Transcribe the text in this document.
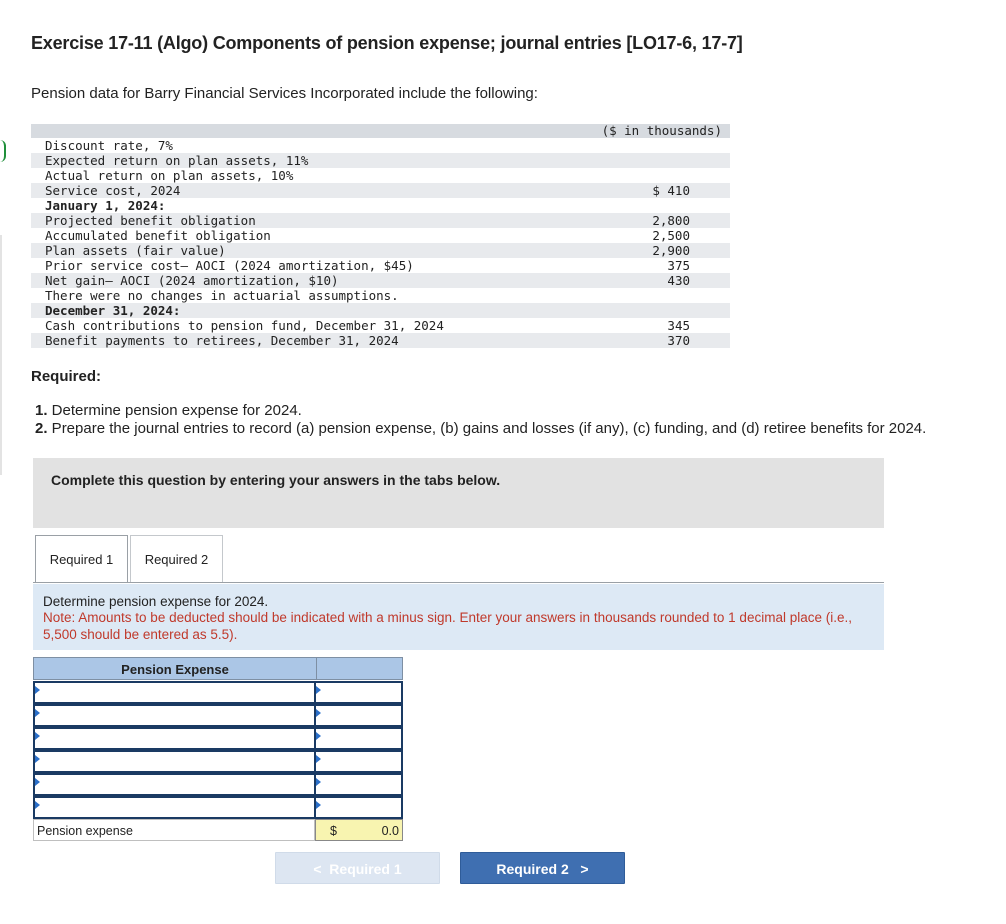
Exercise 17-11 (Algo) Components of pension expense; journal entries [LO17-6, 17-7]
Pension data for Barry Financial Services Incorporated include the following:
($ in thousands)
Discount rate, 7%
Expected return on plan assets, 11%
Actual return on plan assets, 10%
Service cost, 2024	$ 410
January 1, 2024:
Projected benefit obligation	2,800
Accumulated benefit obligation	2,500
Plan assets (fair value)	2,900
Prior service cost– AOCI (2024 amortization, $45)	375
Net gain– AOCI (2024 amortization, $10)	430
There were no changes in actuarial assumptions.
December 31, 2024:
Cash contributions to pension fund, December 31, 2024	345
Benefit payments to retirees, December 31, 2024	370
Required:
1. Determine pension expense for 2024.
2. Prepare the journal entries to record (a) pension expense, (b) gains and losses (if any), (c) funding, and (d) retiree benefits for 2024.
Complete this question by entering your answers in the tabs below.
Required 1	Required 2
Determine pension expense for 2024.
Note: Amounts to be deducted should be indicated with a minus sign. Enter your answers in thousands rounded to 1 decimal place (i.e., 5,500 should be entered as 5.5).
Pension Expense
Pension expense	$	0.0
< Required 1	Required 2 >
